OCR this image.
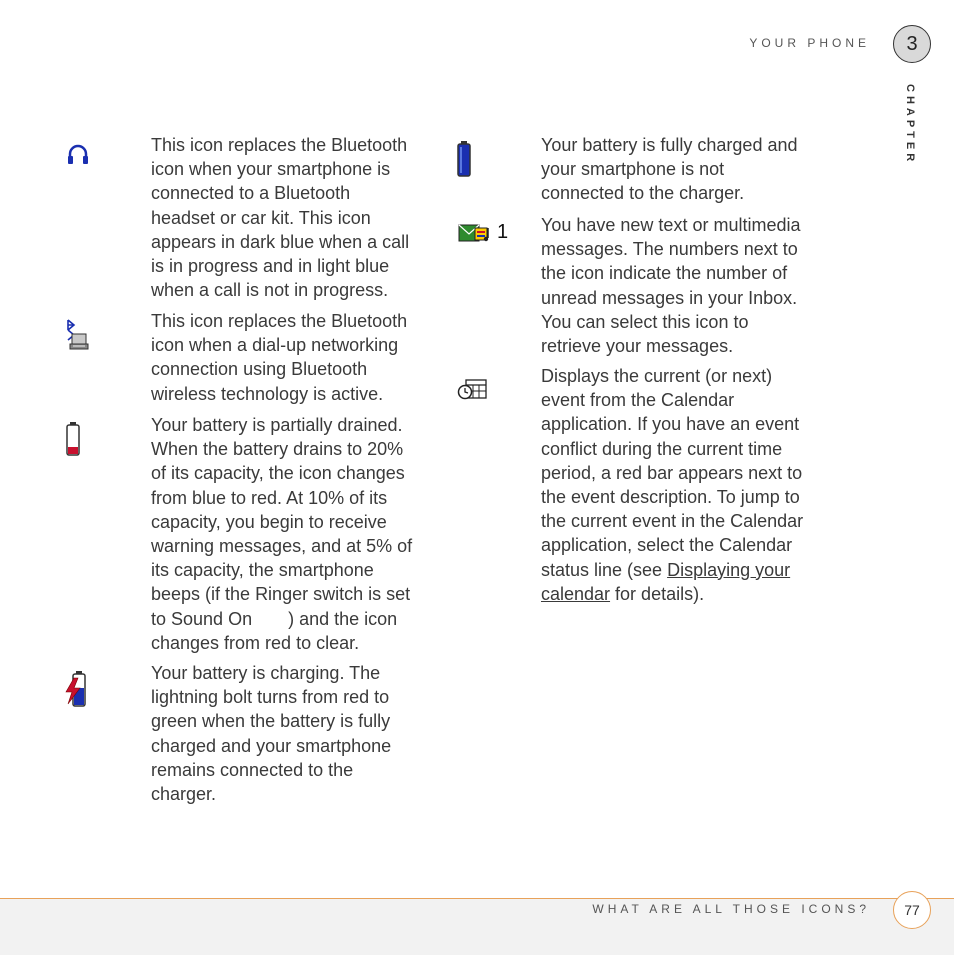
YOUR PHONE	3
CHAPTER
This icon replaces the Bluetooth
icon when your smartphone is
connected to a Bluetooth
headset or car kit. This icon
appears in dark blue when a call
is in progress and in light blue
when a call is not in progress.
This icon replaces the Bluetooth
icon when a dial-up networking
connection using Bluetooth
wireless technology is active.
Your battery is partially drained.
When the battery drains to 20%
of its capacity, the icon changes
from blue to red. At 10% of its
capacity, you begin to receive
warning messages, and at 5% of
its capacity, the smartphone
beeps (if the Ringer switch is set
to Sound On ) and the icon
changes from red to clear.
Your battery is charging. The
lightning bolt turns from red to
green when the battery is fully
charged and your smartphone
remains connected to the
charger.
Your battery is fully charged and
your smartphone is not
connected to the charger.
1 You have new text or multimedia
messages. The numbers next to
the icon indicate the number of
unread messages in your Inbox.
You can select this icon to
retrieve your messages.
Displays the current (or next)
event from the Calendar
application. If you have an event
conflict during the current time
period, a red bar appears next to
the event description. To jump to
the current event in the Calendar
application, select the Calendar
status line (see Displaying your
calendar for details).
WHAT ARE ALL THOSE ICONS?	77
